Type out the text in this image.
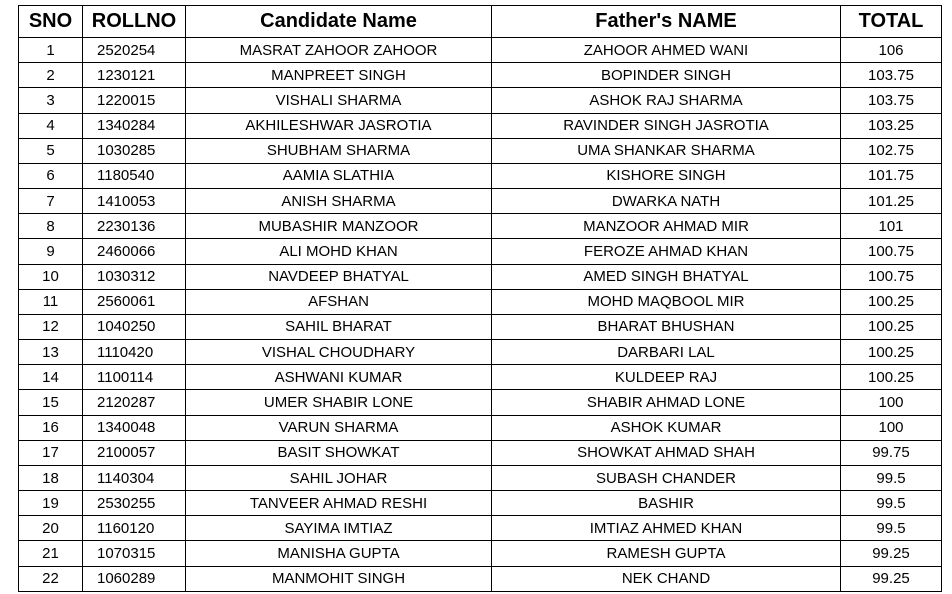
SNO	ROLLNO	Candidate Name	Father's NAME	TOTAL
1	2520254	MASRAT ZAHOOR ZAHOOR	ZAHOOR AHMED WANI	106
2	1230121	MANPREET SINGH	BOPINDER SINGH	103.75
3	1220015	VISHALI SHARMA	ASHOK RAJ SHARMA	103.75
4	1340284	AKHILESHWAR JASROTIA	RAVINDER SINGH JASROTIA	103.25
5	1030285	SHUBHAM SHARMA	UMA SHANKAR SHARMA	102.75
6	1180540	AAMIA SLATHIA	KISHORE SINGH	101.75
7	1410053	ANISH SHARMA	DWARKA NATH	101.25
8	2230136	MUBASHIR MANZOOR	MANZOOR AHMAD MIR	101
9	2460066	ALI MOHD KHAN	FEROZE AHMAD KHAN	100.75
10	1030312	NAVDEEP BHATYAL	AMED SINGH BHATYAL	100.75
11	2560061	AFSHAN	MOHD MAQBOOL MIR	100.25
12	1040250	SAHIL BHARAT	BHARAT BHUSHAN	100.25
13	1110420	VISHAL CHOUDHARY	DARBARI LAL	100.25
14	1100114	ASHWANI KUMAR	KULDEEP RAJ	100.25
15	2120287	UMER SHABIR LONE	SHABIR AHMAD LONE	100
16	1340048	VARUN SHARMA	ASHOK KUMAR	100
17	2100057	BASIT SHOWKAT	SHOWKAT AHMAD SHAH	99.75
18	1140304	SAHIL JOHAR	SUBASH CHANDER	99.5
19	2530255	TANVEER AHMAD RESHI	BASHIR	99.5
20	1160120	SAYIMA IMTIAZ	IMTIAZ AHMED KHAN	99.5
21	1070315	MANISHA GUPTA	RAMESH GUPTA	99.25
22	1060289	MANMOHIT SINGH	NEK CHAND	99.25
